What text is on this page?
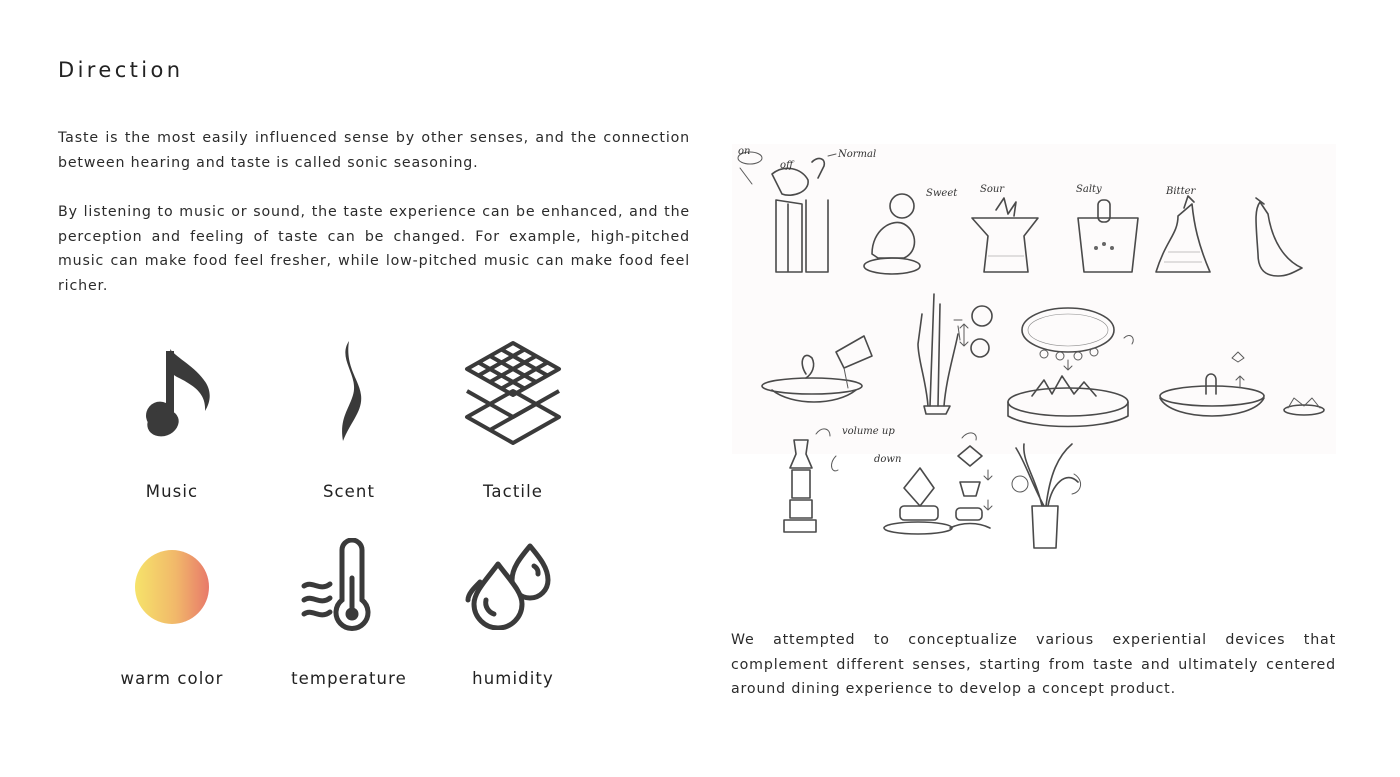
Direction

Taste is the most easily influenced sense by other senses, and the connection between hearing and taste is called sonic seasoning.

By listening to music or sound, the taste experience can be enhanced, and the perception and feeling of taste can be changed. For example, high-pitched music can make food feel fresher, while low-pitched music can make food feel richer.

Music	Scent	Tactile
warm color	temperature	humidity
on
off
Normal
Sweet Sour	Salty	Bitter
volume up
down

We attempted to conceptualize various experiential devices that complement different senses, starting from taste and ultimately centered around dining experience to develop a concept product.
